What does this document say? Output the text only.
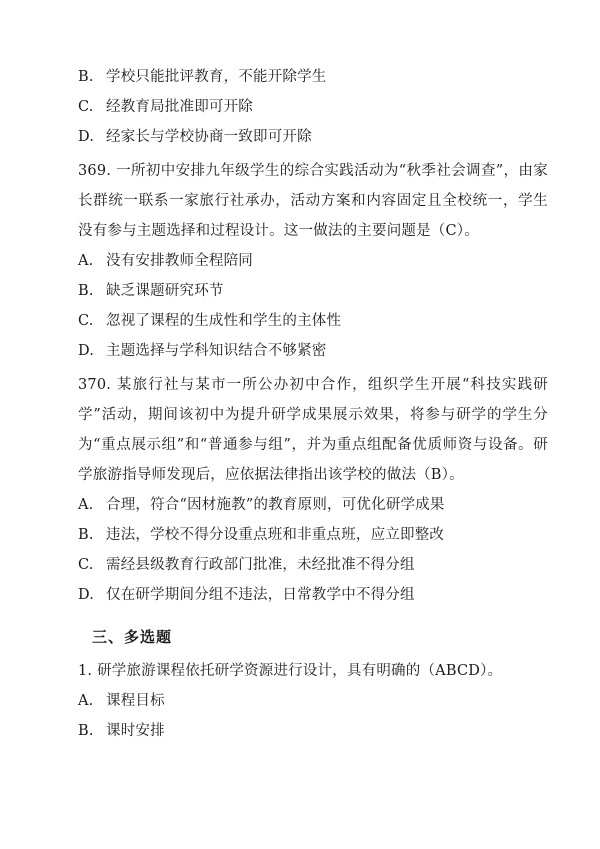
B. 学校只能批评教育，不能开除学生
C. 经教育局批准即可开除
D. 经家长与学校协商一致即可开除

369. 一所初中安排九年级学生的综合实践活动为“秋季社会调查”，由家长群统一联系一家旅行社承办，活动方案和内容固定且全校统一，学生没有参与主题选择和过程设计。这一做法的主要问题是（C）。

A. 没有安排教师全程陪同
B. 缺乏课题研究环节
C. 忽视了课程的生成性和学生的主体性
D. 主题选择与学科知识结合不够紧密

370. 某旅行社与某市一所公办初中合作，组织学生开展“科技实践研学”活动，期间该初中为提升研学成果展示效果，将参与研学的学生分为“重点展示组”和“普通参与组”，并为重点组配备优质师资与设备。研学旅游指导师发现后，应依据法律指出该学校的做法（B）。

A. 合理，符合“因材施教”的教育原则，可优化研学成果
B. 违法，学校不得分设重点班和非重点班，应立即整改
C. 需经县级教育行政部门批准，未经批准不得分组
D. 仅在研学期间分组不违法，日常教学中不得分组
三、多选题

1. 研学旅游课程依托研学资源进行设计，具有明确的（ABCD）。

A. 课程目标
B. 课时安排
